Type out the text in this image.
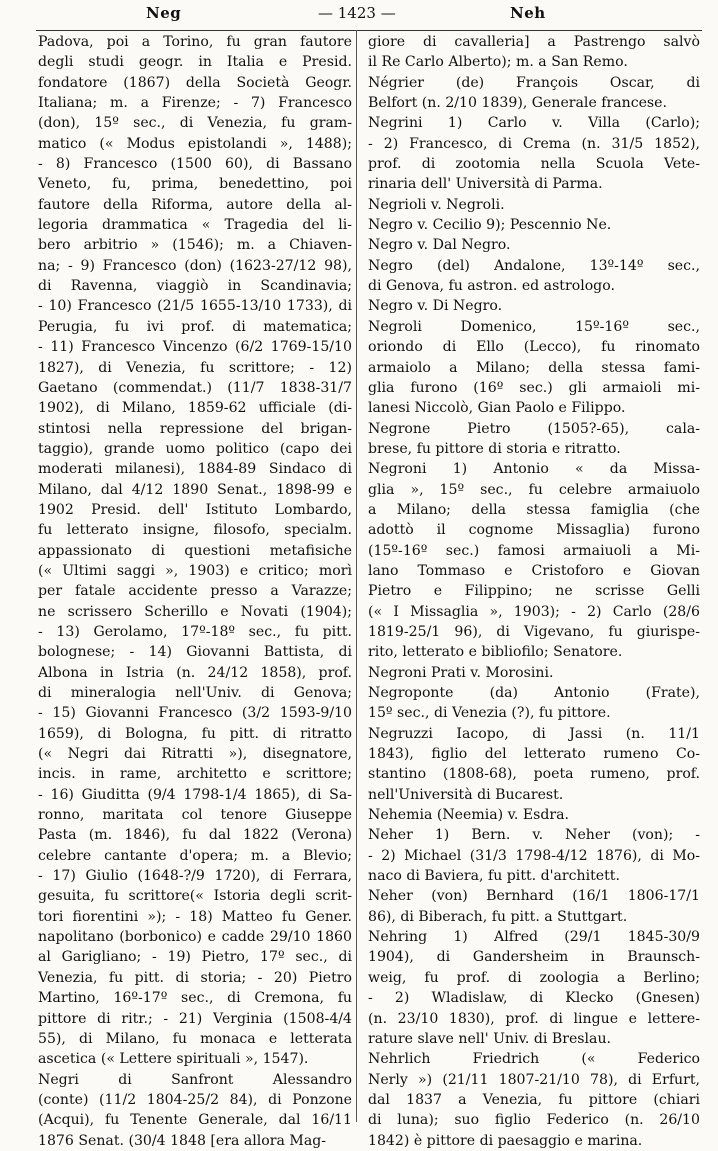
Neg	— 1423 —	Neh
Padova, poi a Torino, fu gran fautore
degli studi geogr. in Italia e Presid.
fondatore (1867) della Società Geogr.
Italiana; m. a Firenze; - 7) Francesco
(don), 15º sec., di Venezia, fu gram-
matico (« Modus epistolandi », 1488);
- 8) Francesco (1500 60), di Bassano
Veneto, fu, prima, benedettino, poi
fautore della Riforma, autore della al-
legoria drammatica « Tragedia del li-
bero arbitrio » (1546); m. a Chiaven-
na; - 9) Francesco (don) (1623-27/12 98),
di Ravenna, viaggiò in Scandinavia;
- 10) Francesco (21/5 1655-13/10 1733), di
Perugia, fu ivi prof. di matematica;
- 11) Francesco Vincenzo (6/2 1769-15/10
1827), di Venezia, fu scrittore; - 12)
Gaetano (commendat.) (11/7 1838-31/7
1902), di Milano, 1859-62 ufficiale (di-
stintosi nella repressione del brigan-
taggio), grande uomo politico (capo dei
moderati milanesi), 1884-89 Sindaco di
Milano, dal 4/12 1890 Senat., 1898-99 e
1902 Presid. dell' Istituto Lombardo,
fu letterato insigne, filosofo, specialm.
appassionato di questioni metafisiche
(« Ultimi saggi », 1903) e critico; morì
per fatale accidente presso a Varazze;
ne scrissero Scherillo e Novati (1904);
- 13) Gerolamo, 17º-18º sec., fu pitt.
bolognese; - 14) Giovanni Battista, di
Albona in Istria (n. 24/12 1858), prof.
di mineralogia nell'Univ. di Genova;
- 15) Giovanni Francesco (3/2 1593-9/10
1659), di Bologna, fu pitt. di ritratto
(« Negri dai Ritratti »), disegnatore,
incis. in rame, architetto e scrittore;
- 16) Giuditta (9/4 1798-1/4 1865), di Sa-
ronno, maritata col tenore Giuseppe
Pasta (m. 1846), fu dal 1822 (Verona)
celebre cantante d'opera; m. a Blevio;
- 17) Giulio (1648-?/9 1720), di Ferrara,
gesuita, fu scrittore(« Istoria degli scrit-
tori fiorentini »); - 18) Matteo fu Gener.
napolitano (borbonico) e cadde 29/10 1860
al Garigliano; - 19) Pietro, 17º sec., di
Venezia, fu pitt. di storia; - 20) Pietro
Martino, 16º-17º sec., di Cremona, fu
pittore di ritr.; - 21) Verginia (1508-4/4
55), di Milano, fu monaca e letterata
ascetica (« Lettere spirituali », 1547).
Negri di Sanfront Alessandro
(conte) (11/2 1804-25/2 84), di Ponzone
(Acqui), fu Tenente Generale, dal 16/11
1876 Senat. (30/4 1848 [era allora Mag-
giore di cavalleria] a Pastrengo salvò
il Re Carlo Alberto); m. a San Remo.
Négrier (de) François Oscar, di
Belfort (n. 2/10 1839), Generale francese.
Negrini 1) Carlo v. Villa (Carlo);
- 2) Francesco, di Crema (n. 31/5 1852),
prof. di zootomia nella Scuola Vete-
rinaria dell' Università di Parma.
Negrioli v. Negroli.
Negro v. Cecilio 9); Pescennio Ne.
Negro v. Dal Negro.
Negro (del) Andalone, 13º-14º sec.,
di Genova, fu astron. ed astrologo.
Negro v. Di Negro.
Negroli Domenico, 15º-16º sec.,
oriondo di Ello (Lecco), fu rinomato
armaiolo a Milano; della stessa fami-
glia furono (16º sec.) gli armaioli mi-
lanesi Niccolò, Gian Paolo e Filippo.
Negrone Pietro (1505?-65), cala-
brese, fu pittore di storia e ritratto.
Negroni 1) Antonio « da Missa-
glia », 15º sec., fu celebre armaiuolo
a Milano; della stessa famiglia (che
adottò il cognome Missaglia) furono
(15º-16º sec.) famosi armaiuoli a Mi-
lano Tommaso e Cristoforo e Giovan
Pietro e Filippino; ne scrisse Gelli
(« I Missaglia », 1903); - 2) Carlo (28/6
1819-25/1 96), di Vigevano, fu giurispe-
rito, letterato e bibliofilo; Senatore.
Negroni Prati v. Morosini.
Negroponte (da) Antonio (Frate),
15º sec., di Venezia (?), fu pittore.
Negruzzi Iacopo, di Jassi (n. 11/1
1843), figlio del letterato rumeno Co-
stantino (1808-68), poeta rumeno, prof.
nell'Università di Bucarest.
Nehemia (Neemia) v. Esdra.
Neher 1) Bern. v. Neher (von); -
- 2) Michael (31/3 1798-4/12 1876), di Mo-
naco di Baviera, fu pitt. d'architett.
Neher (von) Bernhard (16/1 1806-17/1
86), di Biberach, fu pitt. a Stuttgart.
Nehring 1) Alfred (29/1 1845-30/9
1904), di Gandersheim in Braunsch-
weig, fu prof. di zoologia a Berlino;
- 2) Wladislaw, di Klecko (Gnesen)
(n. 23/10 1830), prof. di lingue e lettere-
rature slave nell' Univ. di Breslau.
Nehrlich Friedrich (« Federico
Nerly ») (21/11 1807-21/10 78), di Erfurt,
dal 1837 a Venezia, fu pittore (chiari
di luna); suo figlio Federico (n. 26/10
1842) è pittore di paesaggio e marina.
